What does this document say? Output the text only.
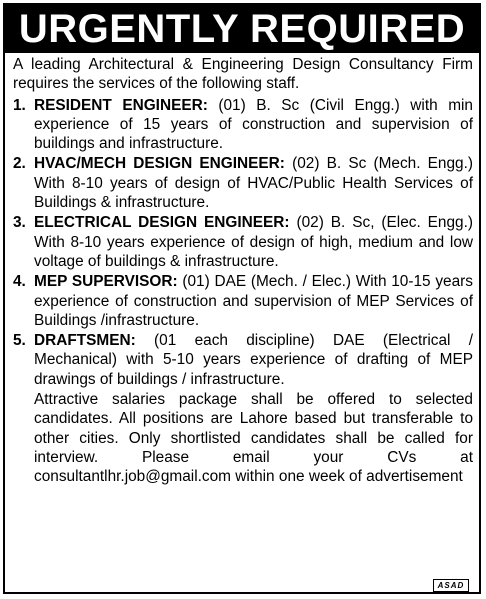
URGENTLY REQUIRED

A leading Architectural & Engineering Design Consultancy Firm requires the services of the following staff.

1. RESIDENT ENGINEER: (01) B. Sc (Civil Engg.) with min experience of 15 years of construction and supervision of buildings and infrastructure.
2. HVAC/MECH DESIGN ENGINEER: (02) B. Sc (Mech. Engg.) With 8-10 years of design of HVAC/Public Health Services of Buildings & infrastructure.
3. ELECTRICAL DESIGN ENGINEER: (02) B. Sc, (Elec. Engg.) With 8-10 years experience of design of high, medium and low voltage of buildings & infrastructure.
4. MEP SUPERVISOR: (01) DAE (Mech. / Elec.) With 10-15 years experience of construction and supervision of MEP Services of Buildings /infrastructure.
5. DRAFTSMEN: (01 each discipline) DAE (Electrical / Mechanical) with 5-10 years experience of drafting of MEP drawings of buildings / infrastructure.
Attractive salaries package shall be offered to selected candidates. All positions are Lahore based but transferable to other cities. Only shortlisted candidates shall be called for interview. Please email your CVs at consultantlhr.job@gmail.com within one week of advertisement
ASAD
